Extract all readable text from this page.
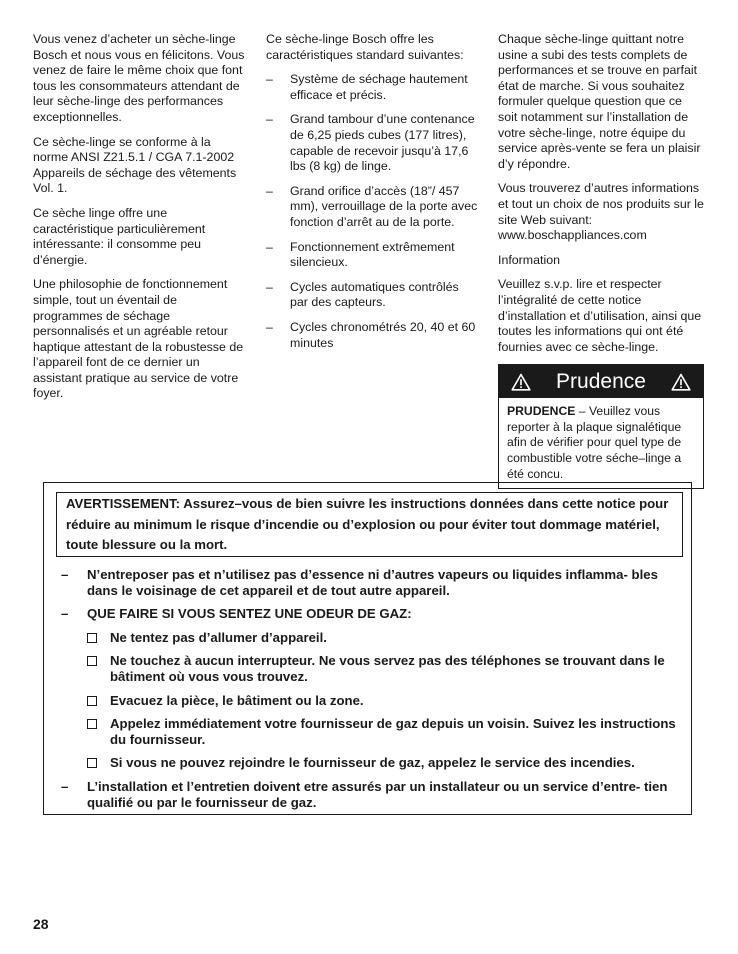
Vous venez d’acheter un sèche-linge Bosch et nous vous en félicitons. Vous venez de faire le même choix que font tous les consommateurs attendant de leur sèche-linge des performances exceptionnelles.

Ce sèche-linge se conforme à la norme ANSI Z21.5.1 / CGA 7.1-2002 Appareils de séchage des vêtements Vol. 1.

Ce sèche linge offre une caractéristique particulièrement intéressante: il consomme peu d’énergie.

Une philosophie de fonctionnement simple, tout un éventail de programmes de séchage personnalisés et un agréable retour haptique attestant de la robustesse de l’appareil font de ce dernier un assistant pratique au service de votre foyer.

Ce sèche-linge Bosch offre les caractéristiques standard suivantes:

– Système de séchage hautement efficace et précis.
– Grand tambour d’une contenance de 6,25 pieds cubes (177 litres), capable de recevoir jusqu’à 17,6 lbs (8 kg) de linge.
– Grand orifice d’accès (18”/ 457 mm), verrouillage de la porte avec fonction d’arrêt au de la porte.
– Fonctionnement extrêmement silencieux.
– Cycles automatiques contrôlés par des capteurs.
– Cycles chronométrés 20, 40 et 60 minutes

Chaque sèche-linge quittant notre usine a subi des tests complets de performances et se trouve en parfait état de marche. Si vous souhaitez formuler quelque question que ce soit notamment sur l’installation de votre sèche-linge, notre équipe du service après-vente se fera un plaisir d’y répondre.

Vous trouverez d’autres informations et tout un choix de nos produits sur le site Web suivant: www.boschappliances.com

Information

Veuillez s.v.p. lire et respecter l’intégralité de cette notice d’installation et d’utilisation, ainsi que toutes les informations qui ont été fournies avec ce sèche-linge.

Prudence
PRUDENCE – Veuillez vous reporter à la plaque signalétique afin de vérifier pour quel type de combustible votre séche–linge a été concu.
AVERTISSEMENT: Assurez–vous de bien suivre les instructions données dans cette notice pour réduire au minimum le risque d’incendie ou d’explosion ou pour éviter tout dommage matériel, toute blessure ou la mort.
– N’entreposer pas et n’utilisez pas d’essence ni d’autres vapeurs ou liquides inflamma- bles dans le voisinage de cet appareil et de tout autre appareil.
– QUE FAIRE SI VOUS SENTEZ UNE ODEUR DE GAZ:
Ne tentez pas d’allumer d’appareil.
Ne touchez à aucun interrupteur. Ne vous servez pas des téléphones se trouvant dans le bâtiment où vous vous trouvez.
Evacuez la pièce, le bâtiment ou la zone.
Appelez immédiatement votre fournisseur de gaz depuis un voisin. Suivez les instructions du fournisseur.
Si vous ne pouvez rejoindre le fournisseur de gaz, appelez le service des incendies.
– L’installation et l’entretien doivent etre assurés par un installateur ou un service d’entre- tien qualifié ou par le fournisseur de gaz.
28
